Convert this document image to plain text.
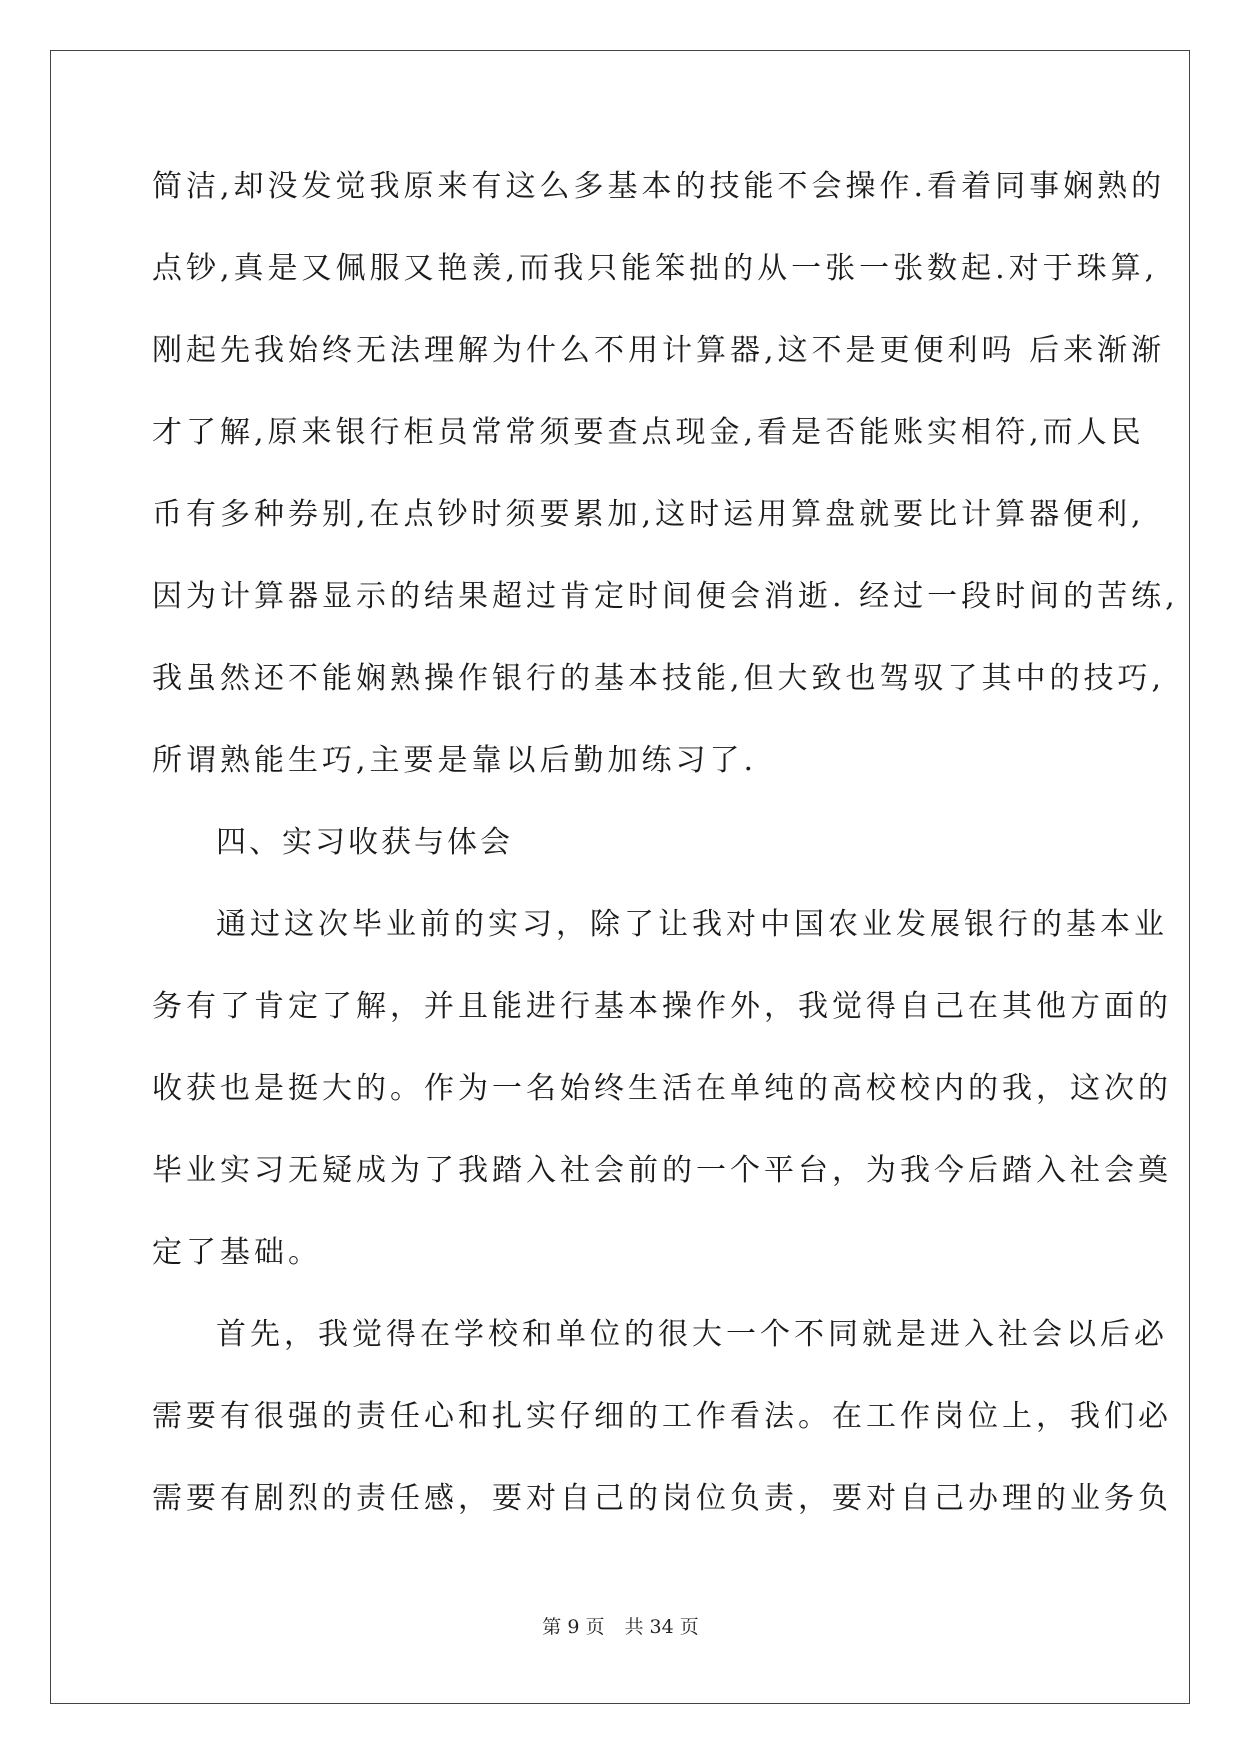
简洁,却没发觉我原来有这么多基本的技能不会操作.看着同事娴熟的
点钞,真是又佩服又艳羡,而我只能笨拙的从一张一张数起.对于珠算,
刚起先我始终无法理解为什么不用计算器,这不是更便利吗 后来渐渐
才了解,原来银行柜员常常须要查点现金,看是否能账实相符,而人民
币有多种券别,在点钞时须要累加,这时运用算盘就要比计算器便利,
因为计算器显示的结果超过肯定时间便会消逝. 经过一段时间的苦练,
我虽然还不能娴熟操作银行的基本技能,但大致也驾驭了其中的技巧,
所谓熟能生巧,主要是靠以后勤加练习了.
四、实习收获与体会
通过这次毕业前的实习，除了让我对中国农业发展银行的基本业
务有了肯定了解，并且能进行基本操作外，我觉得自己在其他方面的
收获也是挺大的。作为一名始终生活在单纯的高校校内的我，这次的
毕业实习无疑成为了我踏入社会前的一个平台，为我今后踏入社会奠
定了基础。
首先，我觉得在学校和单位的很大一个不同就是进入社会以后必
需要有很强的责任心和扎实仔细的工作看法。在工作岗位上，我们必
需要有剧烈的责任感，要对自己的岗位负责，要对自己办理的业务负
第 9 页 共 34 页
